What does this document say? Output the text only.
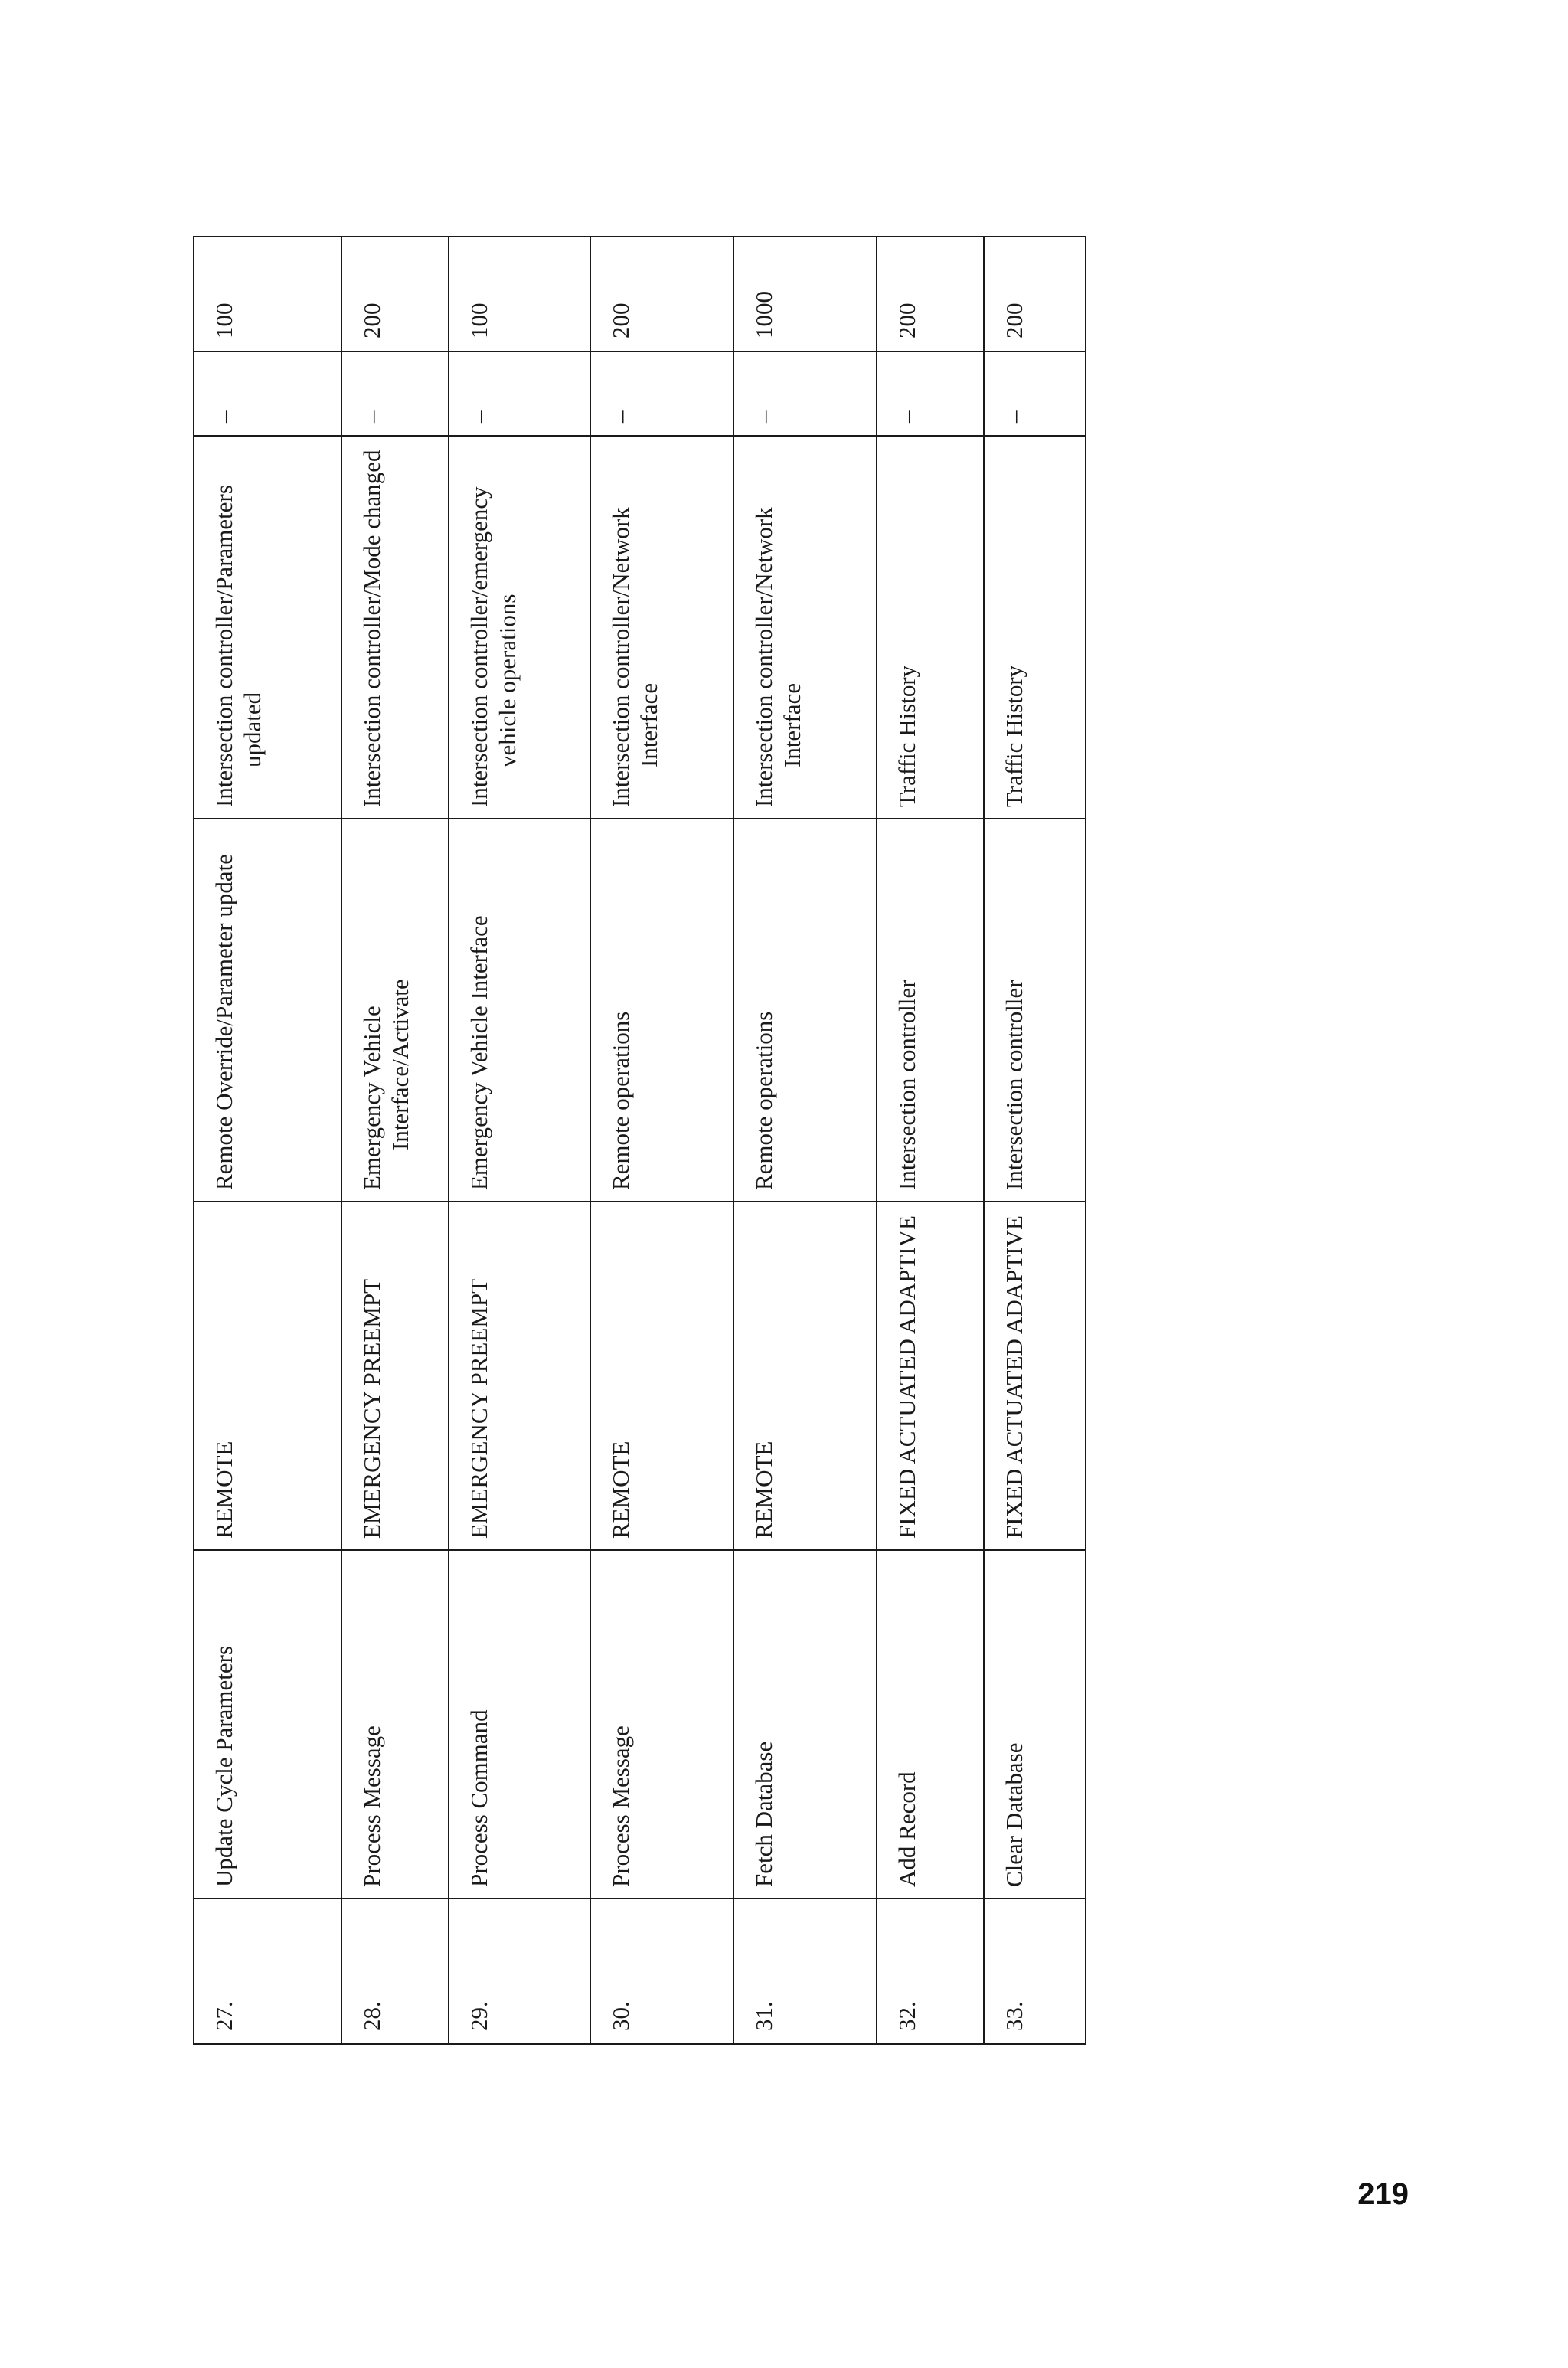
27.	Update Cycle Parameters	REMOTE	Remote Override/Parameter update	Intersection controller/Parameters updated	–	100
28.	Process Message	EMERGENCY PREEMPT	Emergency Vehicle Interface/Activate	Intersection controller/Mode changed	–	200
29.	Process Command	EMERGENCY PREEMPT	Emergency Vehicle Interface	Intersection controller/emergency vehicle operations	–	100
30.	Process Message	REMOTE	Remote operations	Intersection controller/Network Interface	–	200
31.	Fetch Database	REMOTE	Remote operations	Intersection controller/Network Interface	–	1000
32.	Add Record	FIXED ACTUATED ADAPTIVE	Intersection controller	Traffic History	–	200
33.	Clear Database	FIXED ACTUATED ADAPTIVE	Intersection controller	Traffic History	–	200
219
